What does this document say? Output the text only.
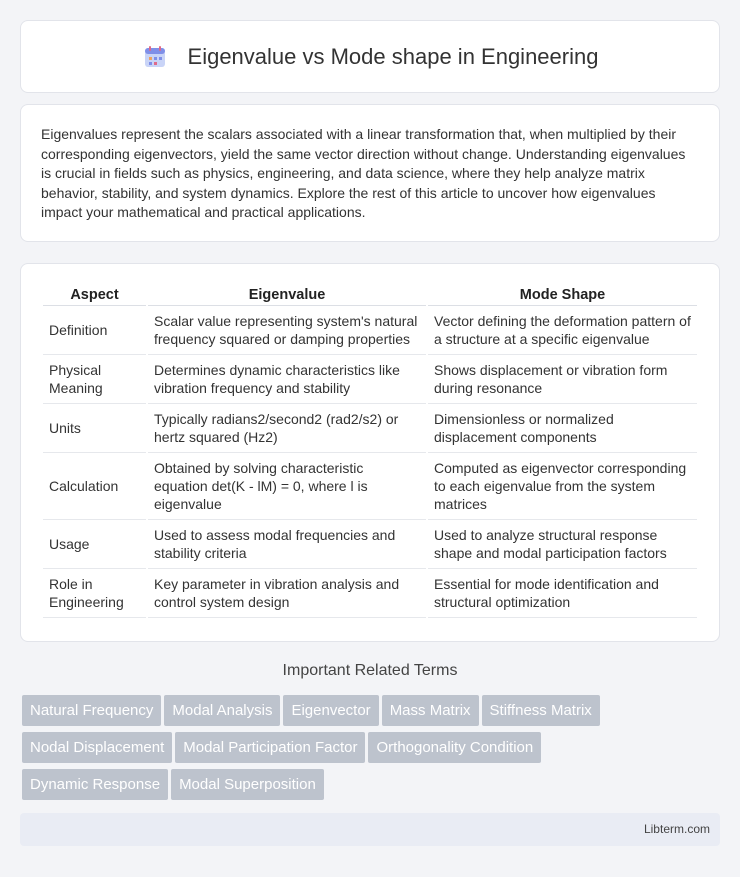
Eigenvalue vs Mode shape in Engineering

Eigenvalues represent the scalars associated with a linear transformation that, when multiplied by their corresponding eigenvectors, yield the same vector direction without change. Understanding eigenvalues is crucial in fields such as physics, engineering, and data science, where they help analyze matrix behavior, stability, and system dynamics. Explore the rest of this article to uncover how eigenvalues impact your mathematical and practical applications.

Aspect	Eigenvalue	Mode Shape
Definition	Scalar value representing system's natural frequency squared or damping properties	Vector defining the deformation pattern of a structure at a specific eigenvalue
Physical Meaning	Determines dynamic characteristics like vibration frequency and stability	Shows displacement or vibration form during resonance
Units	Typically radians2/second2 (rad2/s2) or hertz squared (Hz2)	Dimensionless or normalized displacement components
Calculation	Obtained by solving characteristic equation det(K - lM) = 0, where l is eigenvalue	Computed as eigenvector corresponding to each eigenvalue from the system matrices
Usage	Used to assess modal frequencies and stability criteria	Used to analyze structural response shape and modal participation factors
Role in Engineering	Key parameter in vibration analysis and control system design	Essential for mode identification and structural optimization
Important Related Terms
Natural Frequency Modal Analysis Eigenvector Mass Matrix Stiffness Matrix
Nodal Displacement Modal Participation Factor Orthogonality Condition
Dynamic Response Modal Superposition
Libterm.com
